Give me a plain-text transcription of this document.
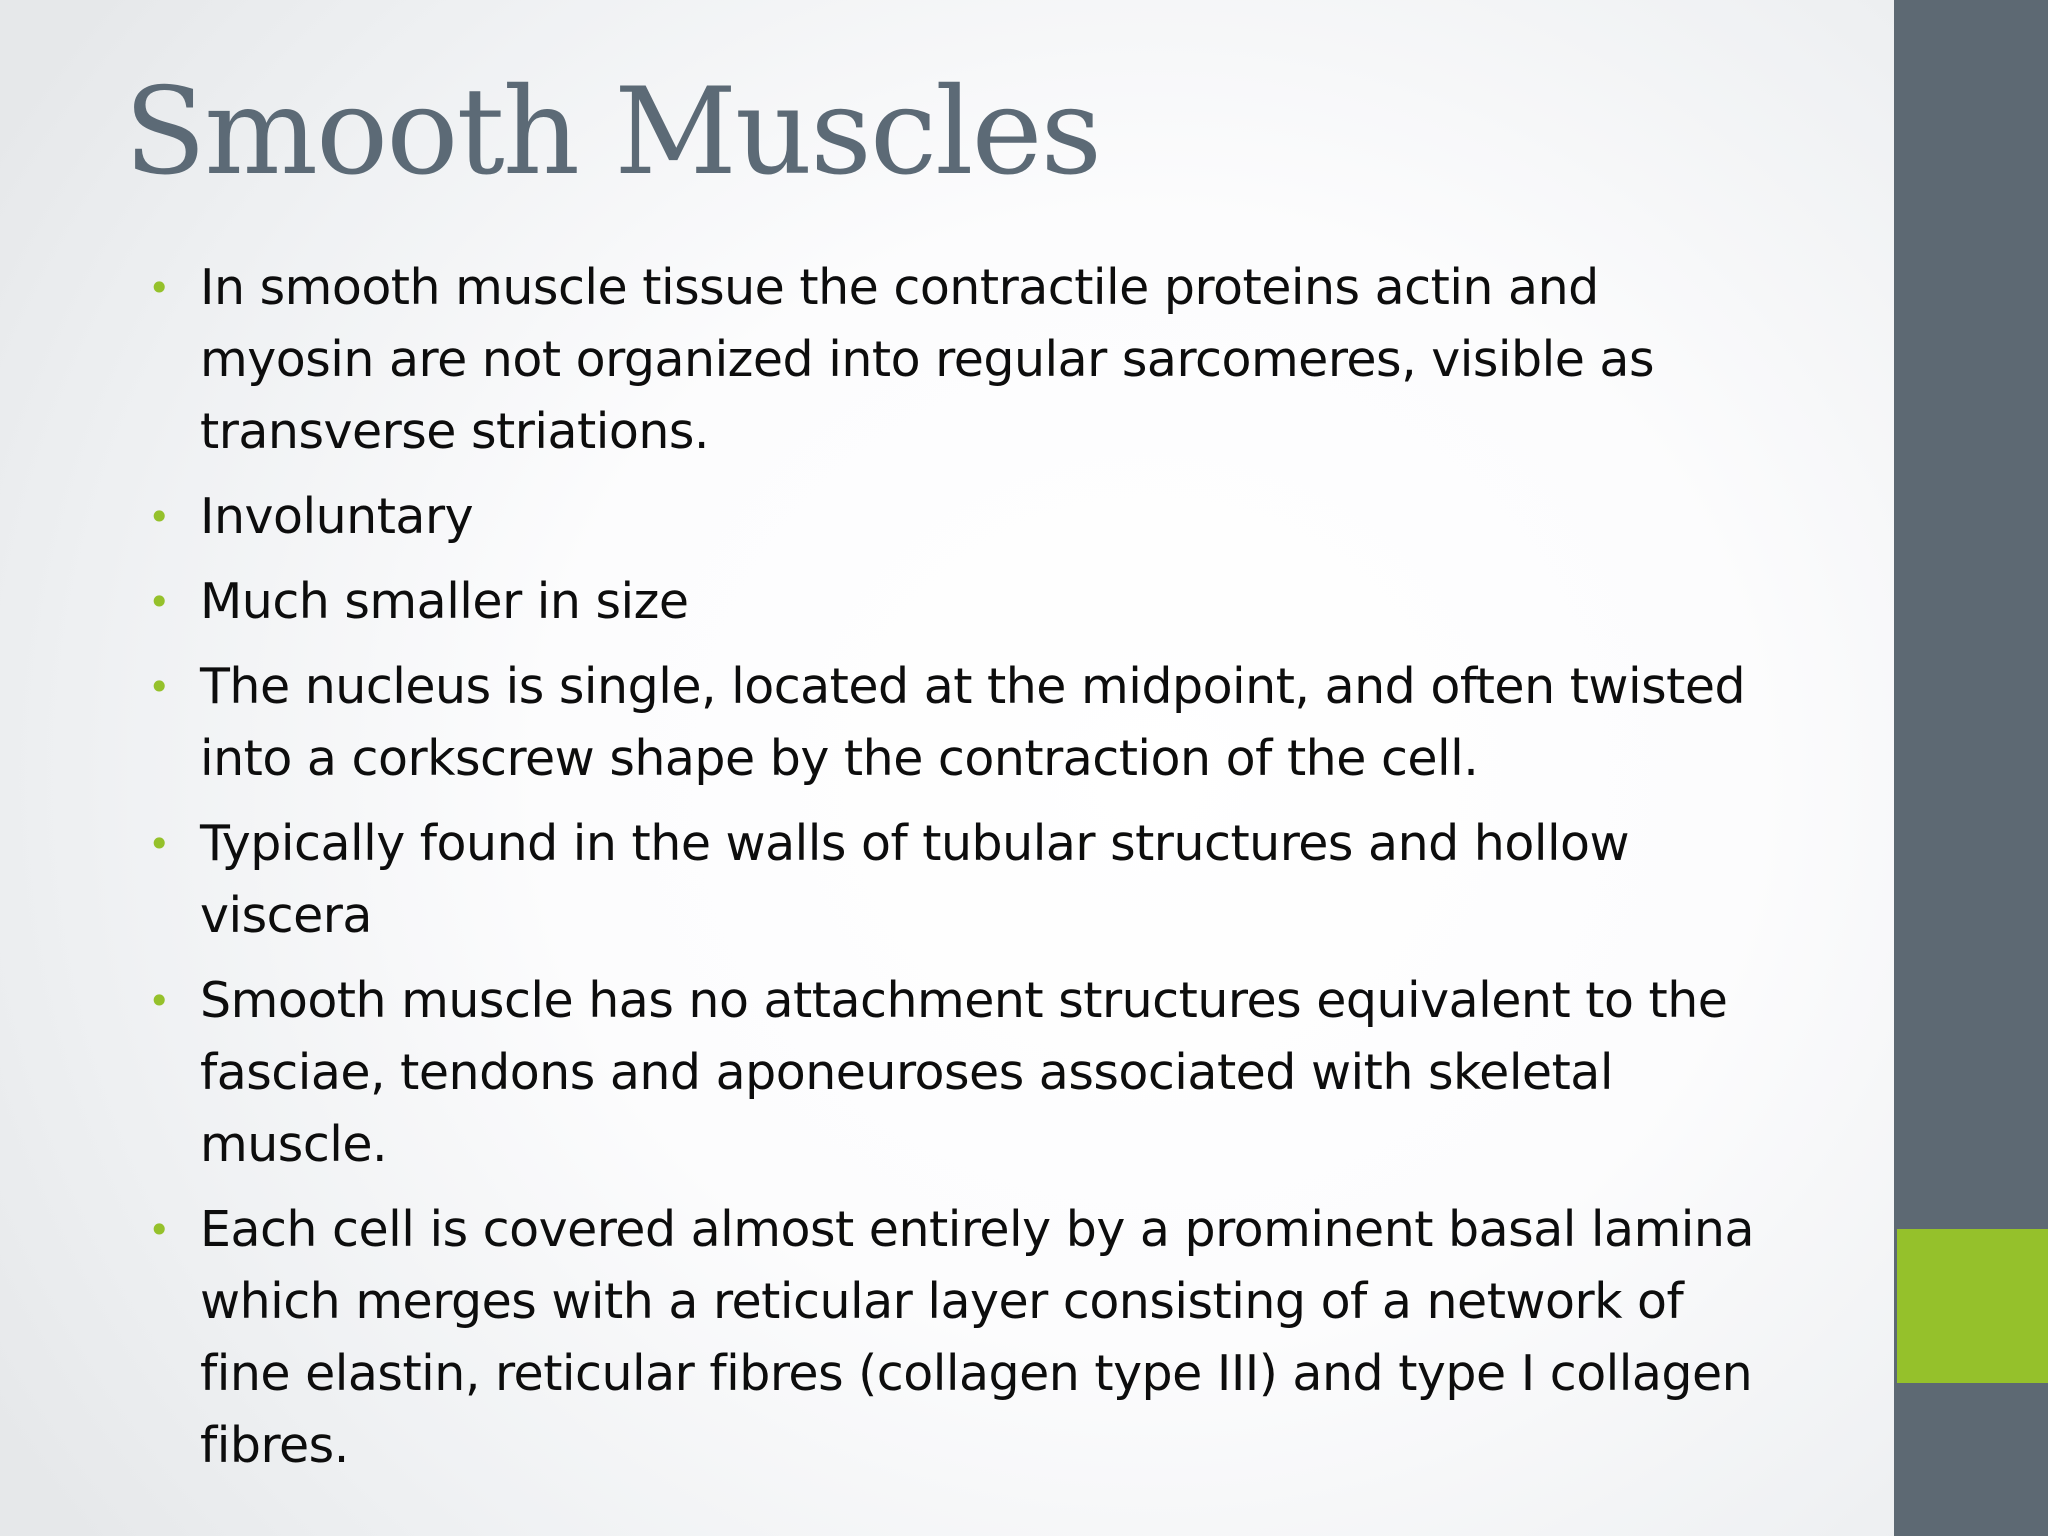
Smooth Muscles
• In smooth muscle tissue the contractile proteins actin and myosin are not organized into regular sarcomeres, visible as transverse striations.
• Involuntary
• Much smaller in size
• The nucleus is single, located at the midpoint, and often twisted into a corkscrew shape by the contraction of the cell.
• Typically found in the walls of tubular structures and hollow viscera
• Smooth muscle has no attachment structures equivalent to the fasciae, tendons and aponeuroses associated with skeletal muscle.
• Each cell is covered almost entirely by a prominent basal lamina which merges with a reticular layer consisting of a network of fine elastin, reticular fibres (collagen type III) and type I collagen fibres.
